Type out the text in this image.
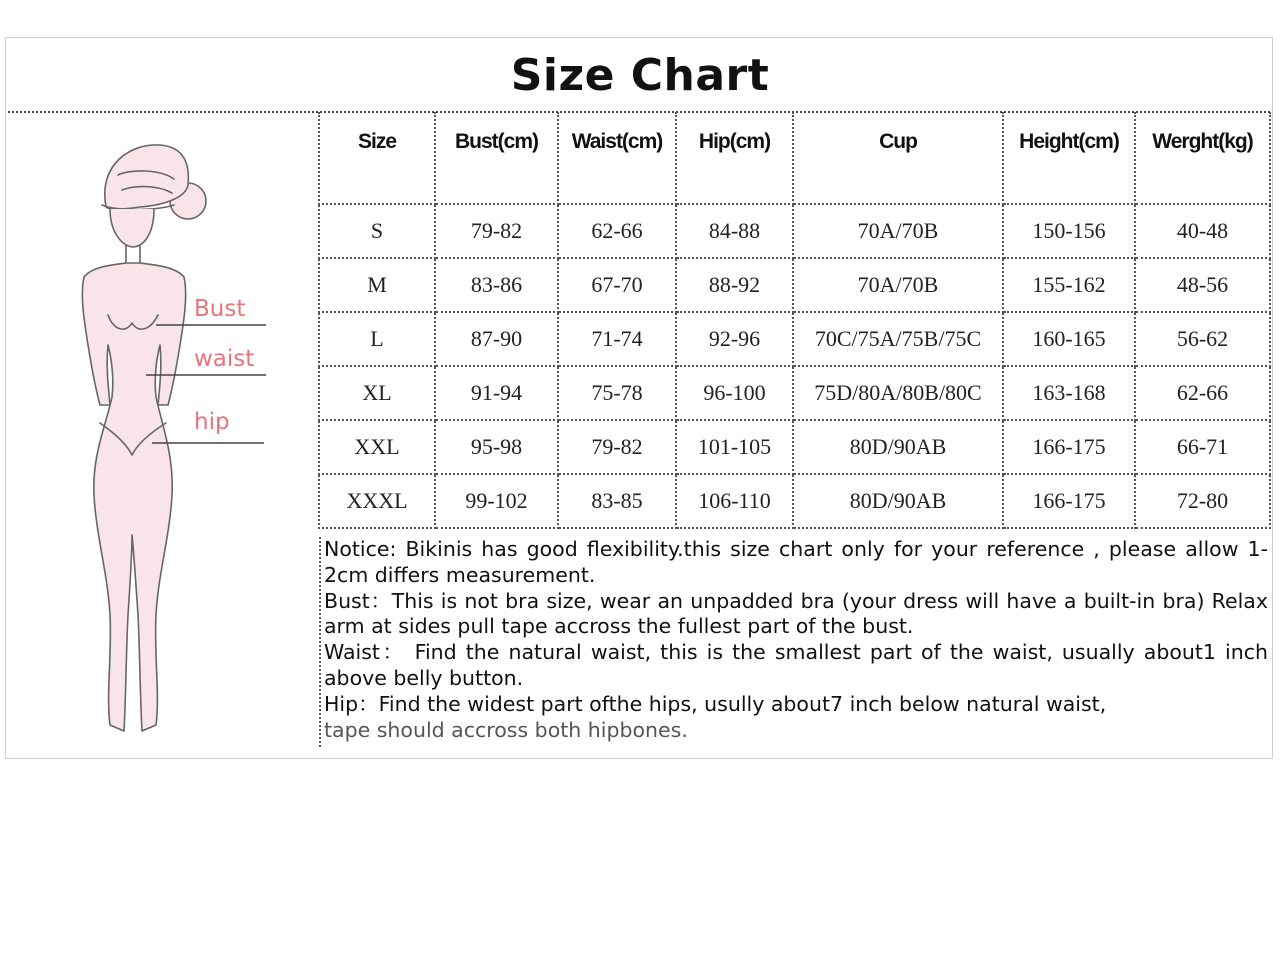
Size Chart
Bust
waist
hip
Size	Bust(cm)	Waist(cm)	Hip(cm)	Cup	Height(cm)	Werght(kg)
S	79-82	62-66	84-88	70A/70B	150-156	40-48
M	83-86	67-70	88-92	70A/70B	155-162	48-56
L	87-90	71-74	92-96	70C/75A/75B/75C	160-165	56-62
XL	91-94	75-78	96-100	75D/80A/80B/80C	163-168	62-66
XXL	95-98	79-82	101-105	80D/90AB	166-175	66-71
XXXL	99-102	83-85	106-110	80D/90AB	166-175	72-80

Notice: Bikinis has good flexibility.this size chart only for your reference , please allow 1-2cm differs measurement.

Bust：This is not bra size, wear an unpadded bra (your dress will have a built-in bra) Relax arm at sides pull tape accross the fullest part of the bust.

Waist： Find the natural waist, this is the smallest part of the waist, usually about1 inch above belly button.

Hip：Find the widest part ofthe hips, usully about7 inch below natural waist,

tape should accross both hipbones.
